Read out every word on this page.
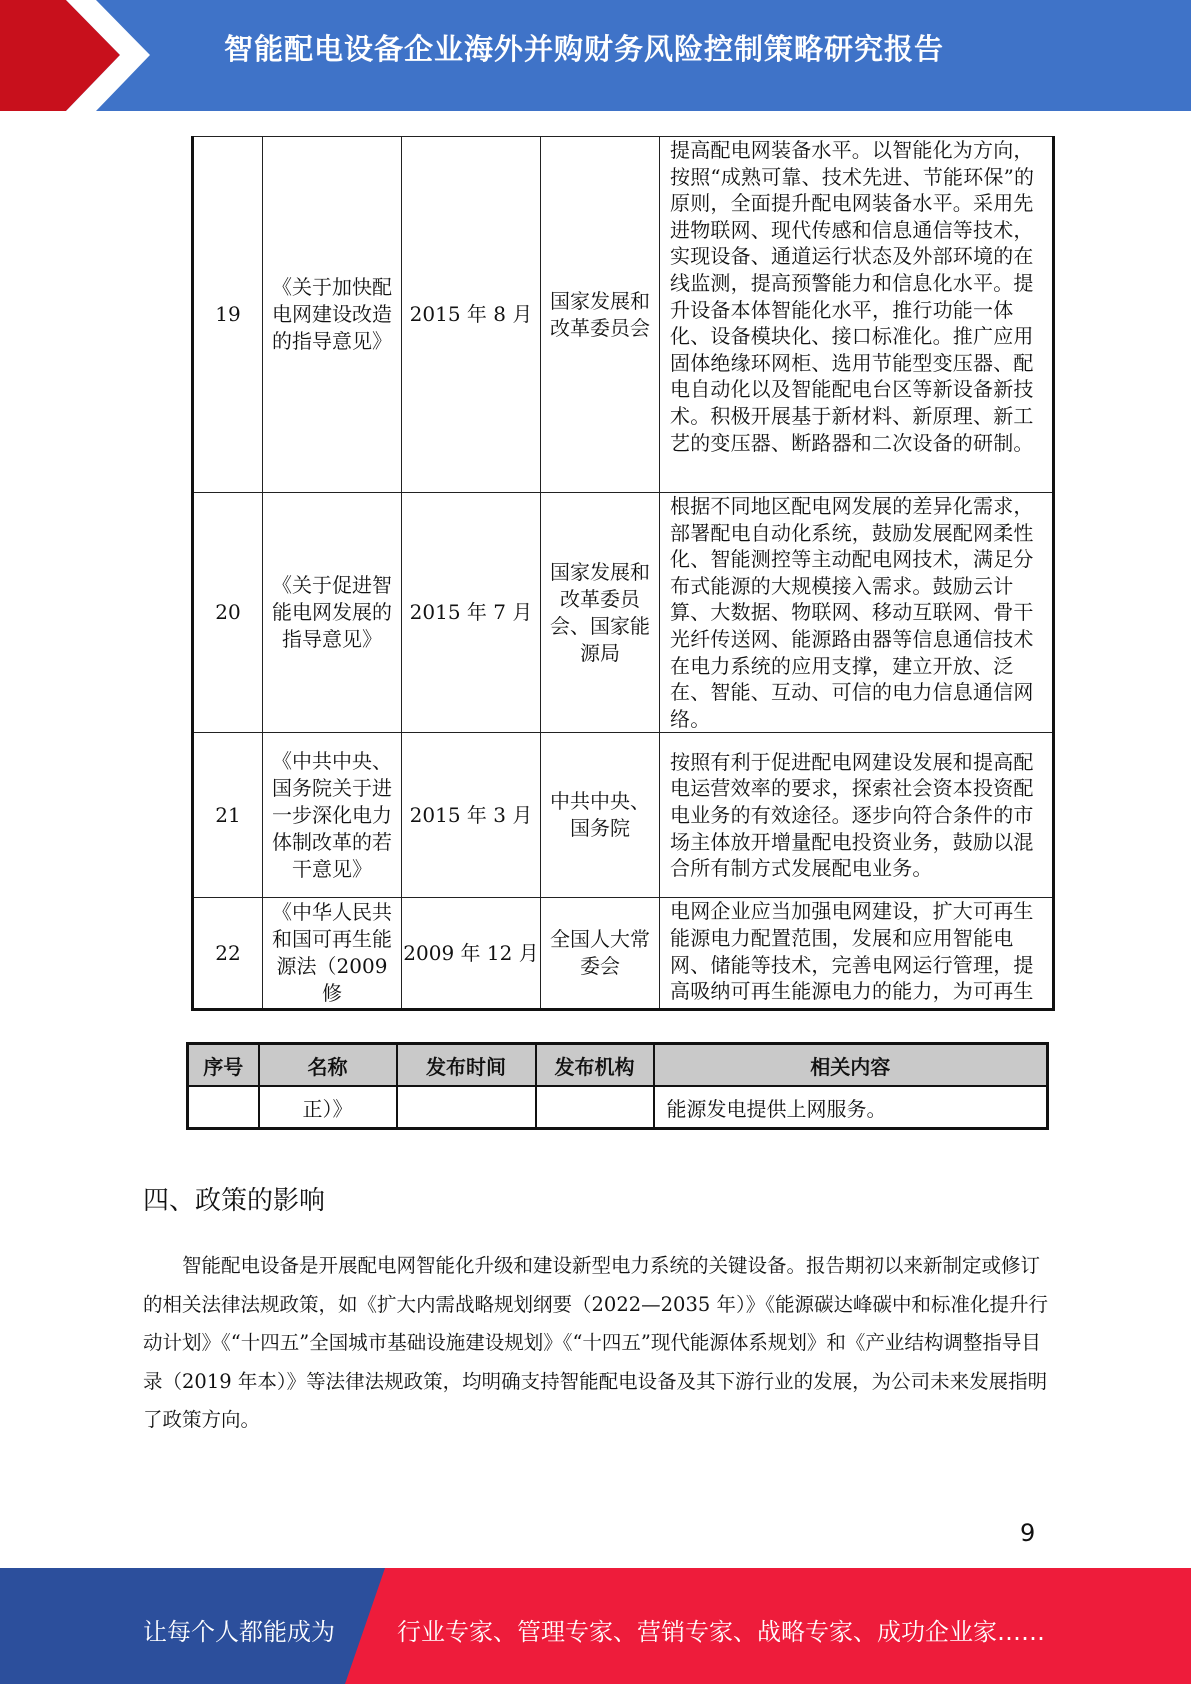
智能配电设备企业海外并购财务风险控制策略研究报告
19	《关于加快配电网建设改造的指导意见》	2015 年 8 月	国家发展和改革委员会	提高配电网装备水平。以智能化为方向，按照“成熟可靠、技术先进、节能环保”的原则，全面提升配电网装备水平。采用先进物联网、现代传感和信息通信等技术，实现设备、通道运行状态及外部环境的在线监测，提高预警能力和信息化水平。提升设备本体智能化水平，推行功能一体化、设备模块化、接口标准化。推广应用固体绝缘环网柜、选用节能型变压器、配电自动化以及智能配电台区等新设备新技术。积极开展基于新材料、新原理、新工艺的变压器、断路器和二次设备的研制。
20	《关于促进智能电网发展的指导意见》	2015 年 7 月	国家发展和改革委员会、国家能源局	根据不同地区配电网发展的差异化需求，部署配电自动化系统，鼓励发展配网柔性化、智能测控等主动配电网技术，满足分布式能源的大规模接入需求。鼓励云计算、大数据、物联网、移动互联网、骨干光纤传送网、能源路由器等信息通信技术在电力系统的应用支撑，建立开放、泛在、智能、互动、可信的电力信息通信网络。
21	《中共中央、国务院关于进一步深化电力体制改革的若干意见》	2015 年 3 月	中共中央、国务院	按照有利于促进配电网建设发展和提高配电运营效率的要求，探索社会资本投资配电业务的有效途径。逐步向符合条件的市场主体放开增量配电投资业务，鼓励以混合所有制方式发展配电业务。
22	《中华人民共和国可再生能源法（2009 修	2009 年 12 月	全国人大常委会	电网企业应当加强电网建设，扩大可再生能源电力配置范围，发展和应用智能电网、储能等技术，完善电网运行管理，提高吸纳可再生能源电力的能力，为可再生
序号	名称	发布时间	发布机构	相关内容
	正）》			能源发电提供上网服务。
四、政策的影响

智能配电设备是开展配电网智能化升级和建设新型电力系统的关键设备。报告期初以来新制定或修订的相关法律法规政策，如《扩大内需战略规划纲要（2022—2035 年）》《能源碳达峰碳中和标准化提升行动计划》《“十四五”全国城市基础设施建设规划》《“十四五”现代能源体系规划》和《产业结构调整指导目录（2019 年本）》等法律法规政策，均明确支持智能配电设备及其下游行业的发展，为公司未来发展指明了政策方向。

9
让每个人都能成为	行业专家、管理专家、营销专家、战略专家、成功企业家……
